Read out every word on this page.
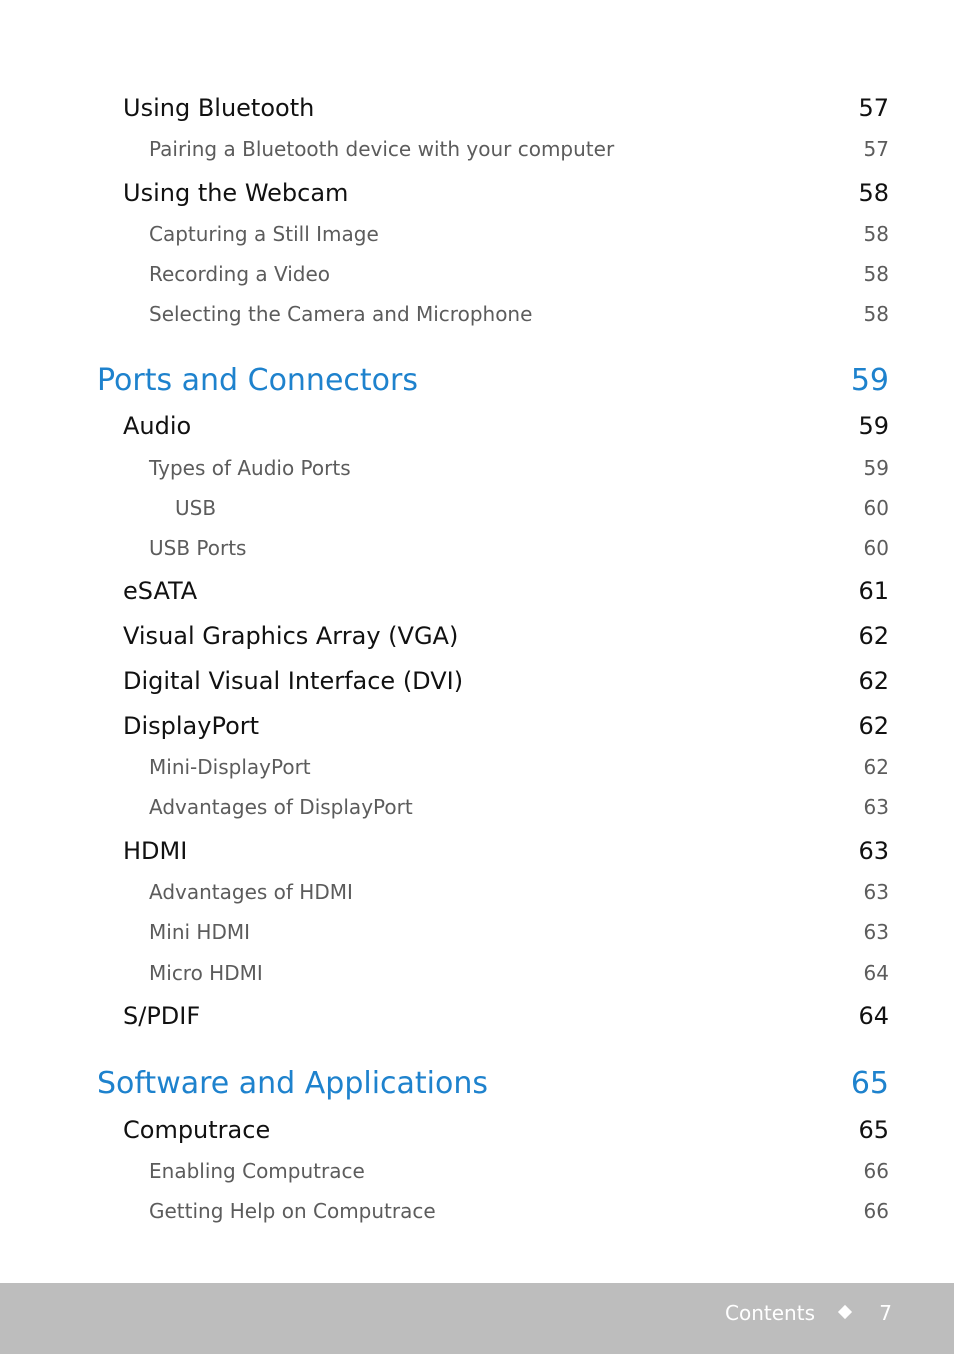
Using Bluetooth	57
Pairing a Bluetooth device with your computer	57
Using the Webcam	58
Capturing a Still Image	58
Recording a Video	58
Selecting the Camera and Microphone	58
Ports and Connectors	59
Audio	59
Types of Audio Ports	59
USB	60
USB Ports	60
eSATA	61
Visual Graphics Array (VGA)	62
Digital Visual Interface (DVI)	62
DisplayPort	62
Mini-DisplayPort	62
Advantages of DisplayPort	63
HDMI	63
Advantages of HDMI	63
Mini HDMI	63
Micro HDMI	64
S/PDIF	64
Software and Applications	65
Computrace	65
Enabling Computrace	66
Getting Help on Computrace	66
Contents	7
